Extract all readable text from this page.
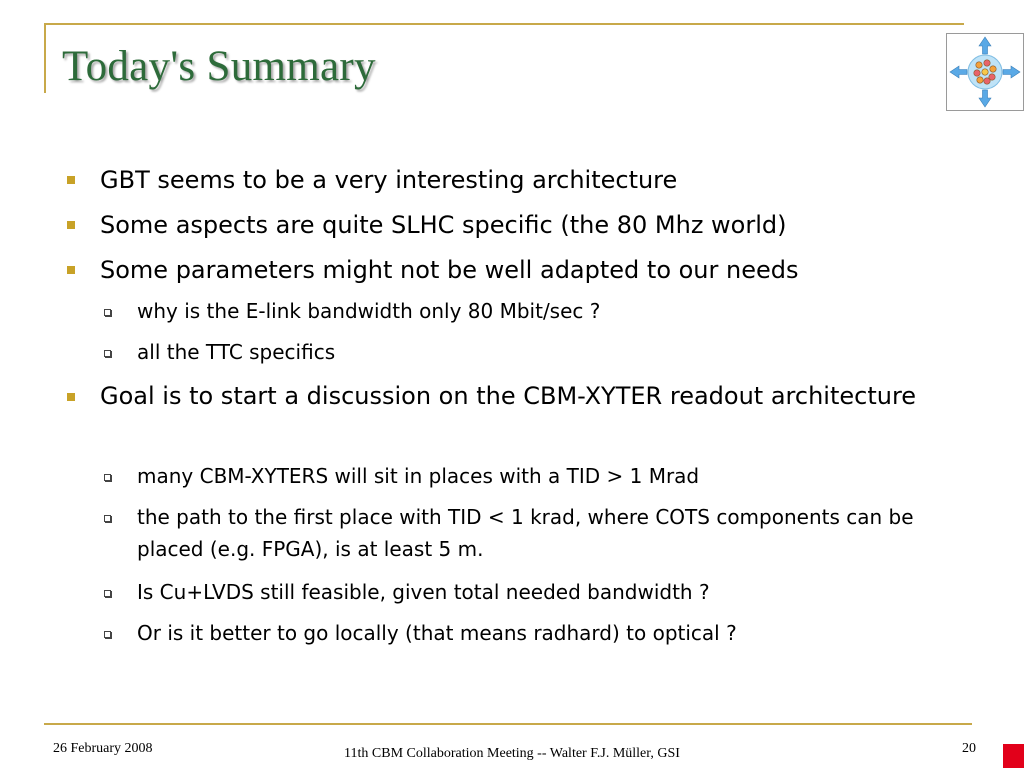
Today's Summary
GBT seems to be a very interesting architecture
Some aspects are quite SLHC specific (the 80 Mhz world)
Some parameters might not be well adapted to our needs
why is the E-link bandwidth only 80 Mbit/sec ?
all the TTC specifics
Goal is to start a discussion on the CBM-XYTER readout architecture
many CBM-XYTERS will sit in places with a TID > 1 Mrad
the path to the first place with TID < 1 krad, where COTS components can be placed (e.g. FPGA), is at least 5 m.
Is Cu+LVDS still feasible, given total needed bandwidth ?
Or is it better to go locally (that means radhard) to optical ?
26 February 2008	11th CBM Collaboration Meeting -- Walter F.J. Müller, GSI	20
